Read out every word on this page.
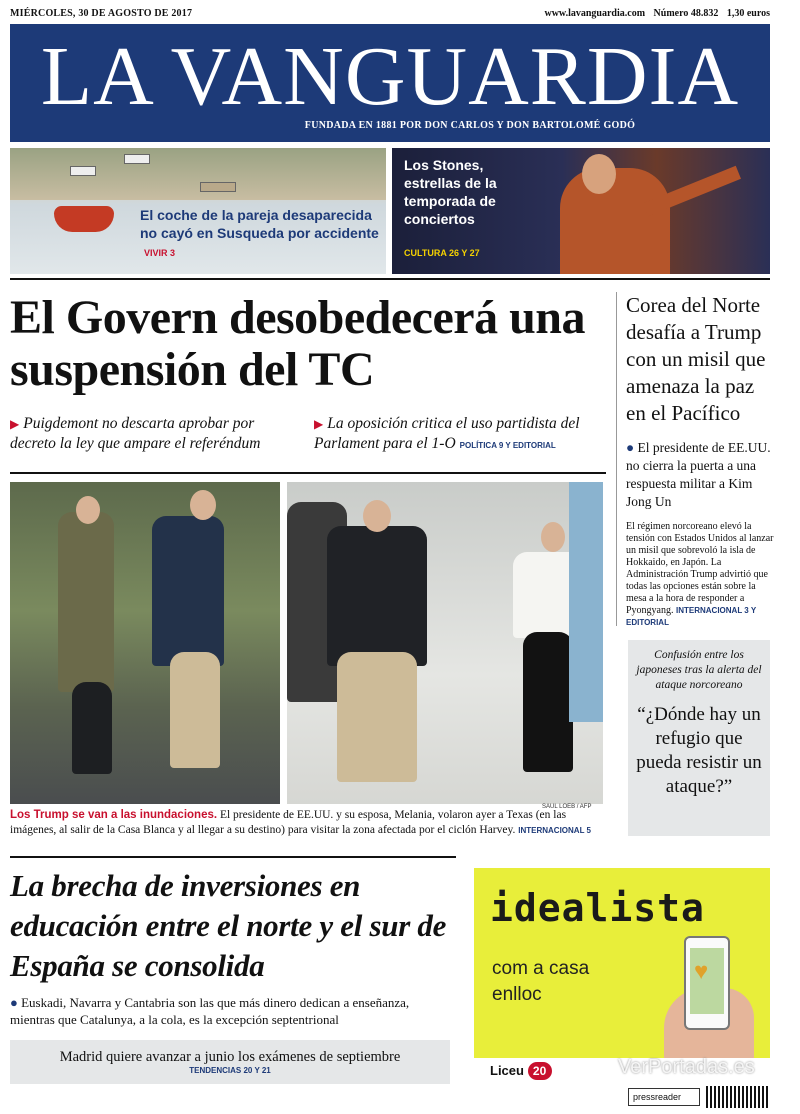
MIÉRCOLES, 30 DE AGOSTO DE 2017	www.lavanguardia.com Número 48.832 1,30 euros
LA VANGUARDIA
FUNDADA EN 1881 POR DON CARLOS Y DON BARTOLOMÉ GODÓ
El coche de la pareja desaparecida no cayó en Susqueda por accidente VIVIR 3
Los Stones, estrellas de la temporada de conciertos
CULTURA 26 Y 27
El Govern desobedecerá una suspensión del TC
▶ Puigdemont no descarta aprobar por decreto la ley que ampare el referéndum
▶ La oposición critica el uso partidista del Parlament para el 1-O POLÍTICA 9 Y EDITORIAL
Corea del Norte desafía a Trump con un misil que amenaza la paz en el Pacífico
● El presidente de EE.UU. no cierra la puerta a una respuesta militar a Kim Jong Un
El régimen norcoreano elevó la tensión con Estados Unidos al lanzar un misil que sobrevoló la isla de Hokkaido, en Japón. La Administración Trump advirtió que todas las opciones están sobre la mesa a la hora de responder a Pyongyang. INTERNACIONAL 3 Y EDITORIAL
SAUL LOEB / AFP
Los Trump se van a las inundaciones. El presidente de EE.UU. y su esposa, Melania, volaron ayer a Texas (en las imágenes, al salir de la Casa Blanca y al llegar a su destino) para visitar la zona afectada por el ciclón Harvey. INTERNACIONAL 5
Confusión entre los japoneses tras la alerta del ataque norcoreano
“¿Dónde hay un refugio que pueda resistir un ataque?”
La brecha de inversiones en educación entre el norte y el sur de España se consolida
● Euskadi, Navarra y Cantabria son las que más dinero dedican a enseñanza, mientras que Catalunya, a la cola, es la excepción septentrional
Madrid quiere avanzar a junio los exámenes de septiembre
TENDENCIAS 20 Y 21
idealista
com a casa
enlloc
♥
Liceu 20	VerPortadas.es
pressreader
